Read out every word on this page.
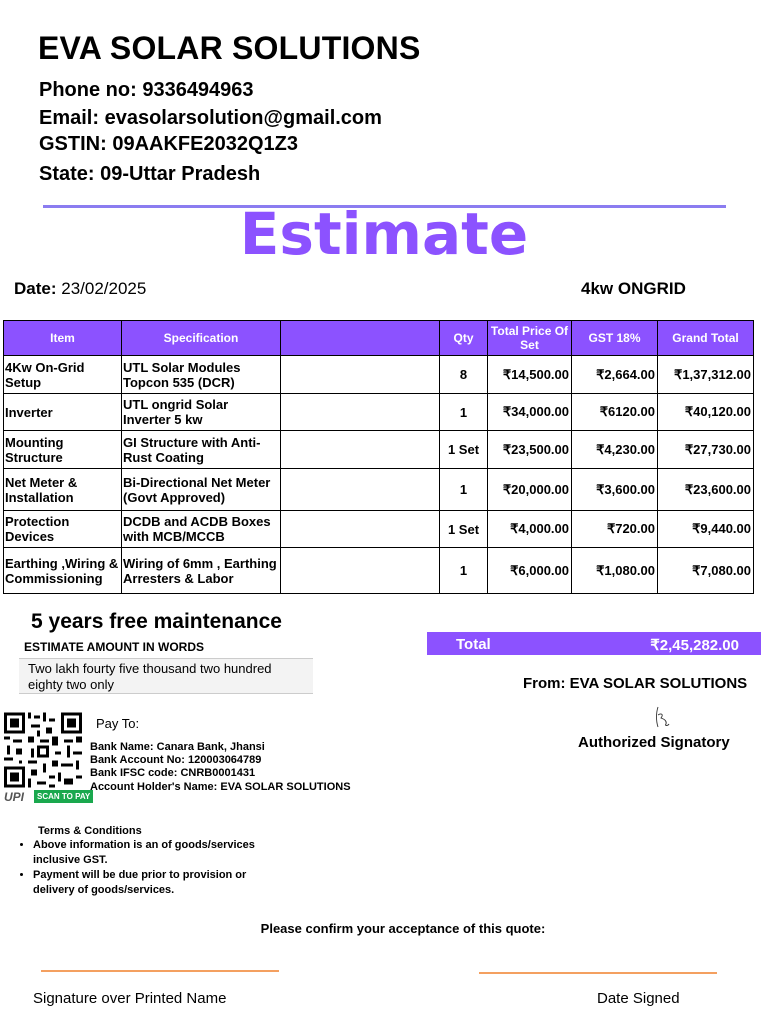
EVA SOLAR SOLUTIONS
Phone no: 9336494963
Email: evasolarsolution@gmail.com
GSTIN: 09AAKFE2032Q1Z3
State: 09-Uttar Pradesh
Estimate
Date: 23/02/2025	4kw ONGRID
Item	Specification		Qty	Total Price Of Set	GST 18%	Grand Total
4Kw On-Grid Setup	UTL Solar Modules Topcon 535 (DCR)		8	₹14,500.00	₹2,664.00	₹1,37,312.00
Inverter	UTL ongrid Solar Inverter 5 kw		1	₹34,000.00	₹6120.00	₹40,120.00
Mounting Structure	GI Structure with Anti-Rust Coating		1 Set	₹23,500.00	₹4,230.00	₹27,730.00
Net Meter & Installation	Bi-Directional Net Meter (Govt Approved)		1	₹20,000.00	₹3,600.00	₹23,600.00
Protection Devices	DCDB and ACDB Boxes with MCB/MCCB		1 Set	₹4,000.00	₹720.00	₹9,440.00
Earthing ,Wiring & Commissioning	Wiring of 6mm , Earthing Arresters & Labor		1	₹6,000.00	₹1,080.00	₹7,080.00
5 years free maintenance
ESTIMATE AMOUNT IN WORDS
Two lakh fourty five thousand two hundred eighty two only
Total	₹2,45,282.00
From: EVA SOLAR SOLUTIONS
Authorized Signatory
UPI	SCAN TO PAY
Pay To:
Bank Name: Canara Bank, Jhansi
Bank Account No: 120003064789
Bank IFSC code: CNRB0001431
Account Holder's Name: EVA SOLAR SOLUTIONS
Terms & Conditions
• Above information is an of goods/services inclusive GST.
• Payment will be due prior to provision or delivery of goods/services.
Please confirm your acceptance of this quote:
Signature over Printed Name	Date Signed
